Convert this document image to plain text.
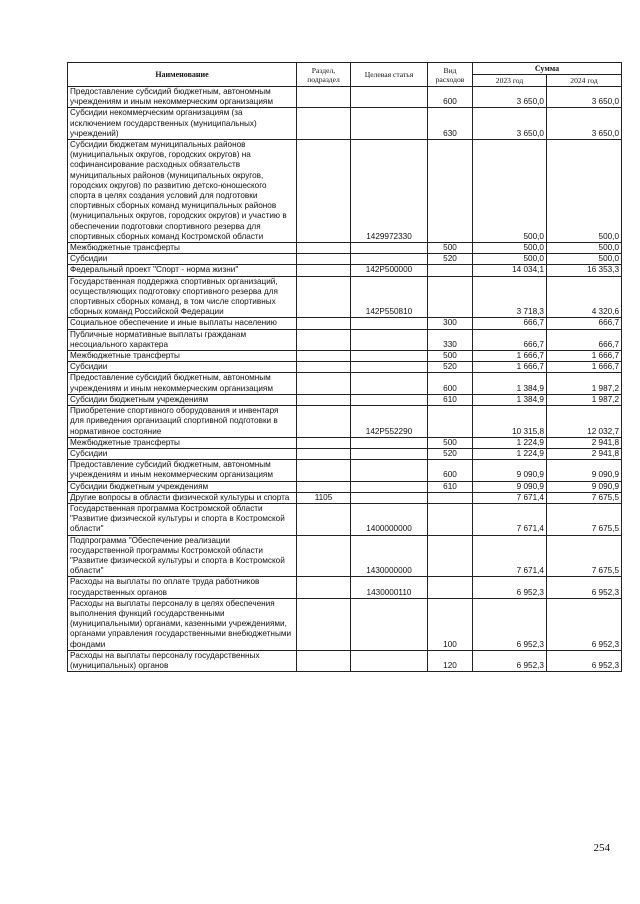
Наименование	Раздел, подраздел	Целевая статья	Вид расходов	Сумма	
				2023 год	2024 год
Предоставление субсидий бюджетным, автономным учреждениям и иным некоммерческим организациям			600	3 650,0	3 650,0
Субсидии некоммерческим организациям (за исключением государственных (муниципальных) учреждений)			630	3 650,0	3 650,0
Субсидии бюджетам муниципальных районов (муниципальных округов, городских округов) на софинансирование расходных обязательств муниципальных районов (муниципальных округов, городских округов) по развитию детско-юношеского спорта в целях создания условий для подготовки спортивных сборных команд муниципальных районов (муниципальных округов, городских округов) и участию в обеспечении подготовки спортивного резерва для спортивных сборных команд Костромской области		1429972330		500,0	500,0
Межбюджетные трансферты			500	500,0	500,0
Субсидии			520	500,0	500,0
Федеральный проект "Спорт - норма жизни"		142P500000		14 034,1	16 353,3
Государственная поддержка спортивных организаций, осуществляющих подготовку спортивного резерва для спортивных сборных команд, в том числе спортивных сборных команд Российской Федерации		142P550810		3 718,3	4 320,6
Социальное обеспечение и иные выплаты населению			300	666,7	666,7
Публичные нормативные выплаты гражданам несоциального характера			330	666,7	666,7
Межбюджетные трансферты			500	1 666,7	1 666,7
Субсидии			520	1 666,7	1 666,7
Предоставление субсидий бюджетным, автономным учреждениям и иным некоммерческим организациям			600	1 384,9	1 987,2
Субсидии бюджетным учреждениям			610	1 384,9	1 987,2
Приобретение спортивного оборудования и инвентаря для приведения организаций спортивной подготовки в нормативное состояние		142P552290		10 315,8	12 032,7
Межбюджетные трансферты			500	1 224,9	2 941,8
Субсидии			520	1 224,9	2 941,8
Предоставление субсидий бюджетным, автономным учреждениям и иным некоммерческим организациям			600	9 090,9	9 090,9
Субсидии бюджетным учреждениям			610	9 090,9	9 090,9
Другие вопросы в области физической культуры и спорта	1105			7 671,4	7 675,5
Государственная программа Костромской области "Развитие физической культуры и спорта в Костромской области"		1400000000		7 671,4	7 675,5
Подпрограмма "Обеспечение реализации государственной программы Костромской области "Развитие физической культуры и спорта в Костромской области"		1430000000		7 671,4	7 675,5
Расходы на выплаты по оплате труда работников государственных органов		1430000110		6 952,3	6 952,3
Расходы на выплаты персоналу в целях обеспечения выполнения функций государственными (муниципальными) органами, казенными учреждениями, органами управления государственными внебюджетными фондами			100	6 952,3	6 952,3
Расходы на выплаты персоналу государственных (муниципальных) органов			120	6 952,3	6 952,3
254
